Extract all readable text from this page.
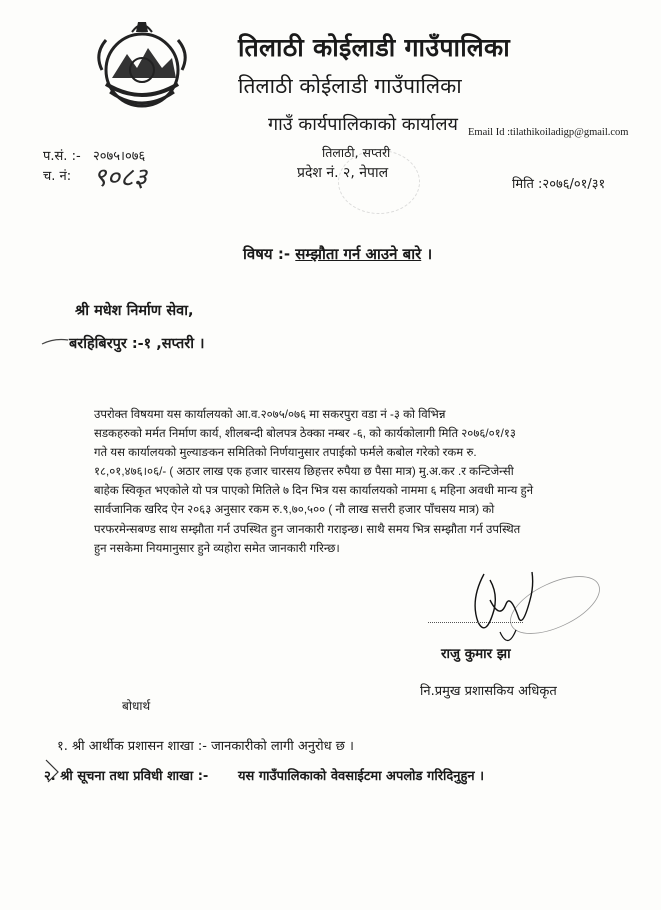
तिलाठी कोईलाडी गाउँपालिका
तिलाठी कोईलाडी गाउँपालिका
गाउँ कार्यपालिकाको कार्यालय Email Id :tilathikoiladigp@gmail.com
प.सं. :- २०७५।०७६
च. नं: ९०८३
तिलाठी, सप्तरी
प्रदेश नं. २, नेपाल
मिति :२०७६/०१/३१
विषय :- सम्झौता गर्न आउने बारे ।
श्री मधेश निर्माण सेवा,
बरहिबिरपुर :-१ ,सप्तरी ।
उपरोक्त विषयमा यस कार्यालयको आ.व.२०७५/०७६ मा सकरपुरा वडा नं -३ को विभिन्न
सडकहरुको मर्मत निर्माण कार्य, शीलबन्दी बोलपत्र ठेक्का नम्बर -६, को कार्यकोलागी मिति २०७६/०१/१३
गते यस कार्यालयको मुल्याङकन समितिको निर्णयानुसार तपाईको फर्मले कबोल गरेको रकम रु.
१८,०१,४७६।०६/- ( अठार लाख एक हजार चारसय छिहत्तर रुपैया छ पैसा मात्र) मु.अ.कर .र कन्टिजेन्सी
बाहेक स्विकृत भएकोले यो पत्र पाएको मितिले ७ दिन भित्र यस कार्यालयको नाममा ६ महिना अवधी मान्य हुने
सार्वजानिक खरिद ऐन २०६३ अनुसार रकम रु.९,७०,५०० ( नौ लाख सत्तरी हजार पाँचसय मात्र) को
परफरमेन्सबण्ड साथ सम्झौता गर्न उपस्थित हुन जानकारी गराइन्छ। साथै समय भित्र सम्झौता गर्न उपस्थित
हुन नसकेमा नियमानुसार हुने व्यहोरा समेत जानकारी गरिन्छ।
राजु कुमार झा
नि.प्रमुख प्रशासकिय अधिकृत
बोधार्थ
१. श्री आर्थीक प्रशासन शाखा :- जानकारीको लागी अनुरोध छ ।
२. श्री सूचना तथा प्रविधी शाखा :- यस गाउँपालिकाको वेवसाईटमा अपलोड गरिदिनुहुन ।
